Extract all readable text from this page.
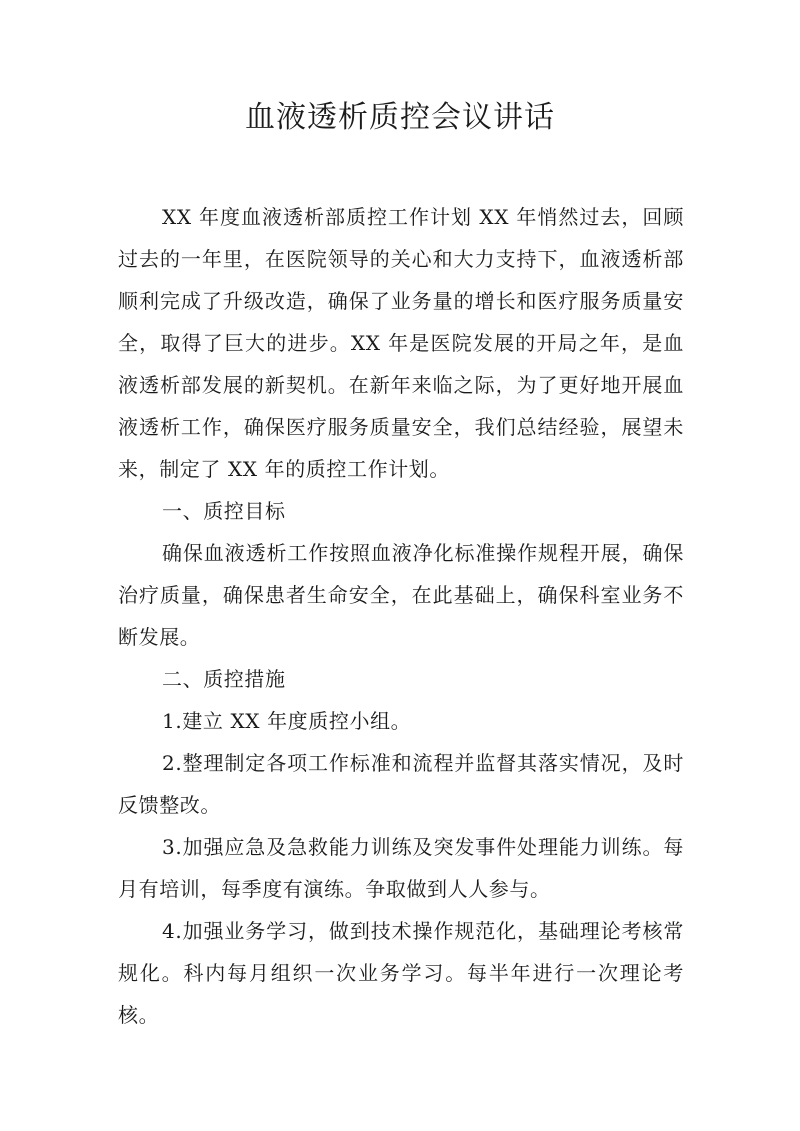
血液透析质控会议讲话

XX 年度血液透析部质控工作计划 XX 年悄然过去，回顾过去的一年里，在医院领导的关心和大力支持下，血液透析部顺利完成了升级改造，确保了业务量的增长和医疗服务质量安全，取得了巨大的进步。XX 年是医院发展的开局之年，是血液透析部发展的新契机。在新年来临之际，为了更好地开展血液透析工作，确保医疗服务质量安全，我们总结经验，展望未来，制定了 XX 年的质控工作计划。

一、质控目标

确保血液透析工作按照血液净化标准操作规程开展，确保治疗质量，确保患者生命安全，在此基础上，确保科室业务不断发展。

二、质控措施

1.建立 XX 年度质控小组。

2.整理制定各项工作标准和流程并监督其落实情况，及时反馈整改。

3.加强应急及急救能力训练及突发事件处理能力训练。每月有培训，每季度有演练。争取做到人人参与。

4.加强业务学习，做到技术操作规范化，基础理论考核常规化。科内每月组织一次业务学习。每半年进行一次理论考核。
